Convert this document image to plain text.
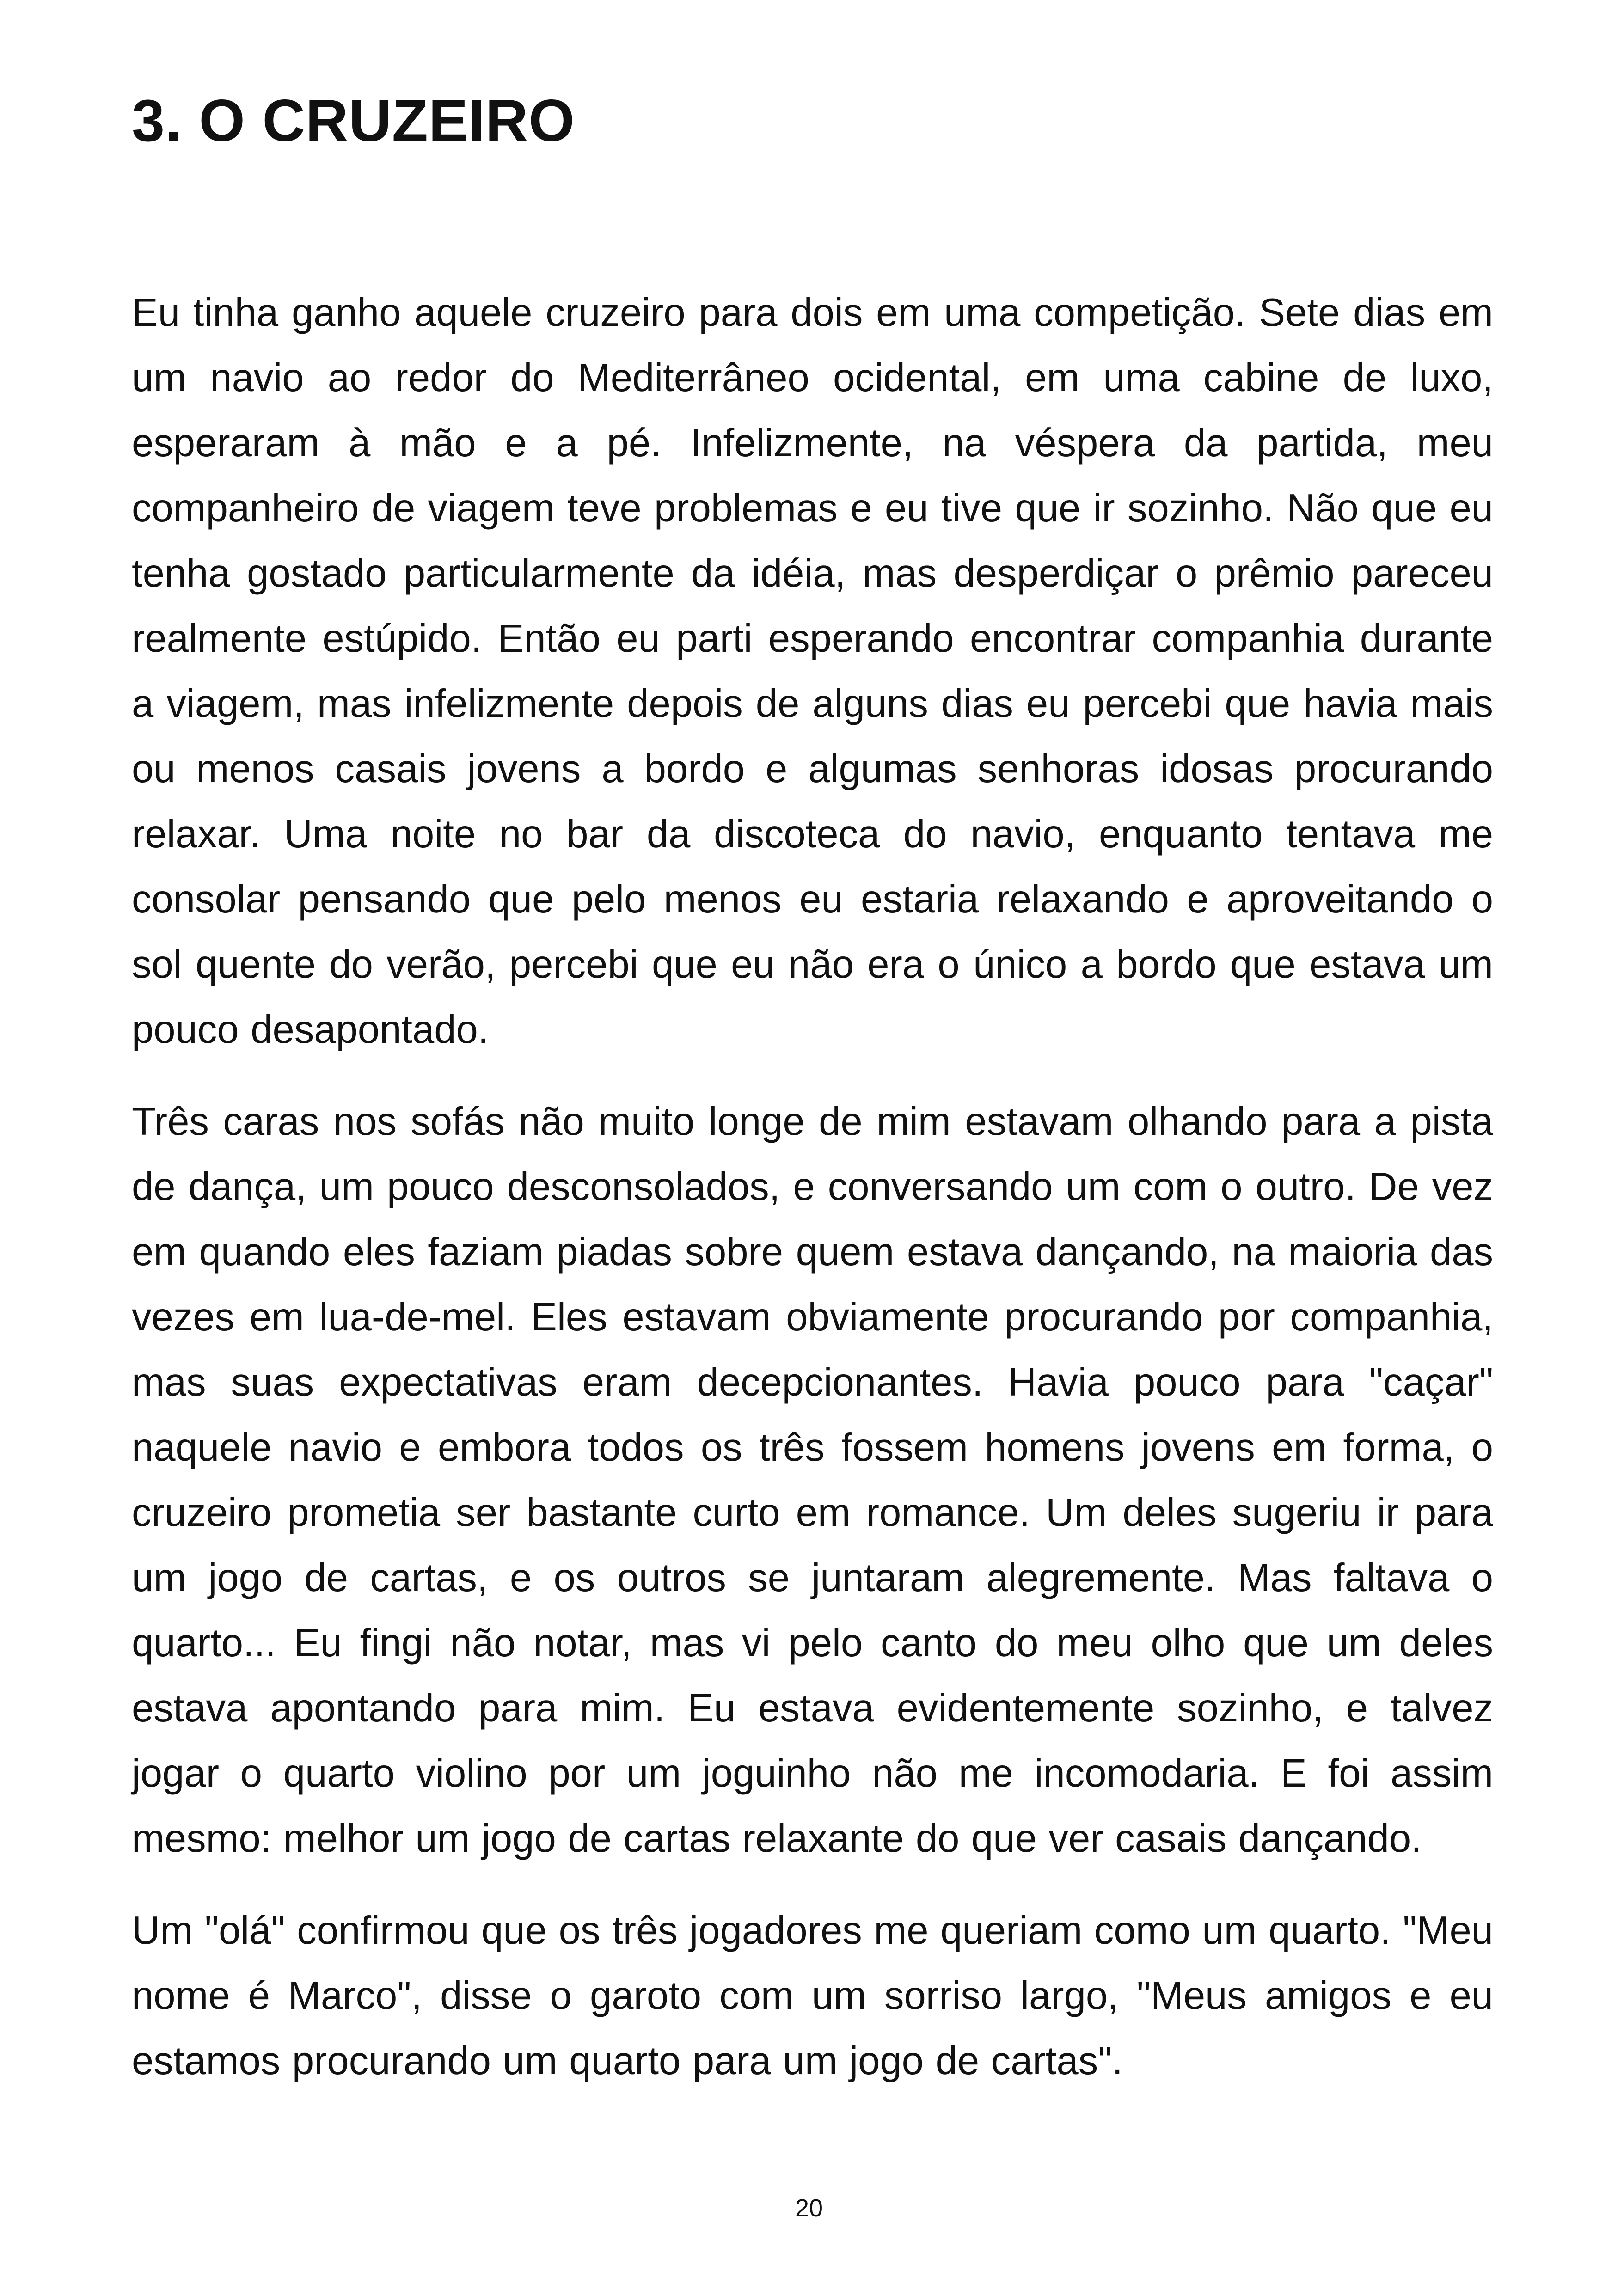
3. O CRUZEIRO

Eu tinha ganho aquele cruzeiro para dois em uma competição. Sete dias em um navio ao redor do Mediterrâneo ocidental, em uma cabine de luxo, esperaram à mão e a pé. Infelizmente, na véspera da partida, meu companheiro de viagem teve problemas e eu tive que ir sozinho. Não que eu tenha gostado particularmente da idéia, mas desperdiçar o prêmio pareceu realmente estúpido. Então eu parti esperando encontrar companhia durante a viagem, mas infelizmente depois de alguns dias eu percebi que havia mais ou menos casais jovens a bordo e algumas senhoras idosas procurando relaxar. Uma noite no bar da discoteca do navio, enquanto tentava me consolar pensando que pelo menos eu estaria relaxando e aproveitando o sol quente do verão, percebi que eu não era o único a bordo que estava um pouco desapontado.

Três caras nos sofás não muito longe de mim estavam olhando para a pista de dança, um pouco desconsolados, e conversando um com o outro. De vez em quando eles faziam piadas sobre quem estava dançando, na maioria das vezes em lua-de-mel. Eles estavam obviamente procurando por companhia, mas suas expectativas eram decepcionantes. Havia pouco para "caçar" naquele navio e embora todos os três fossem homens jovens em forma, o cruzeiro prometia ser bastante curto em romance. Um deles sugeriu ir para um jogo de cartas, e os outros se juntaram alegremente. Mas faltava o quarto... Eu fingi não notar, mas vi pelo canto do meu olho que um deles estava apontando para mim. Eu estava evidentemente sozinho, e talvez jogar o quarto violino por um joguinho não me incomodaria. E foi assim mesmo: melhor um jogo de cartas relaxante do que ver casais dançando.

Um "olá" confirmou que os três jogadores me queriam como um quarto. "Meu nome é Marco", disse o garoto com um sorriso largo, "Meus amigos e eu estamos procurando um quarto para um jogo de cartas".

20
